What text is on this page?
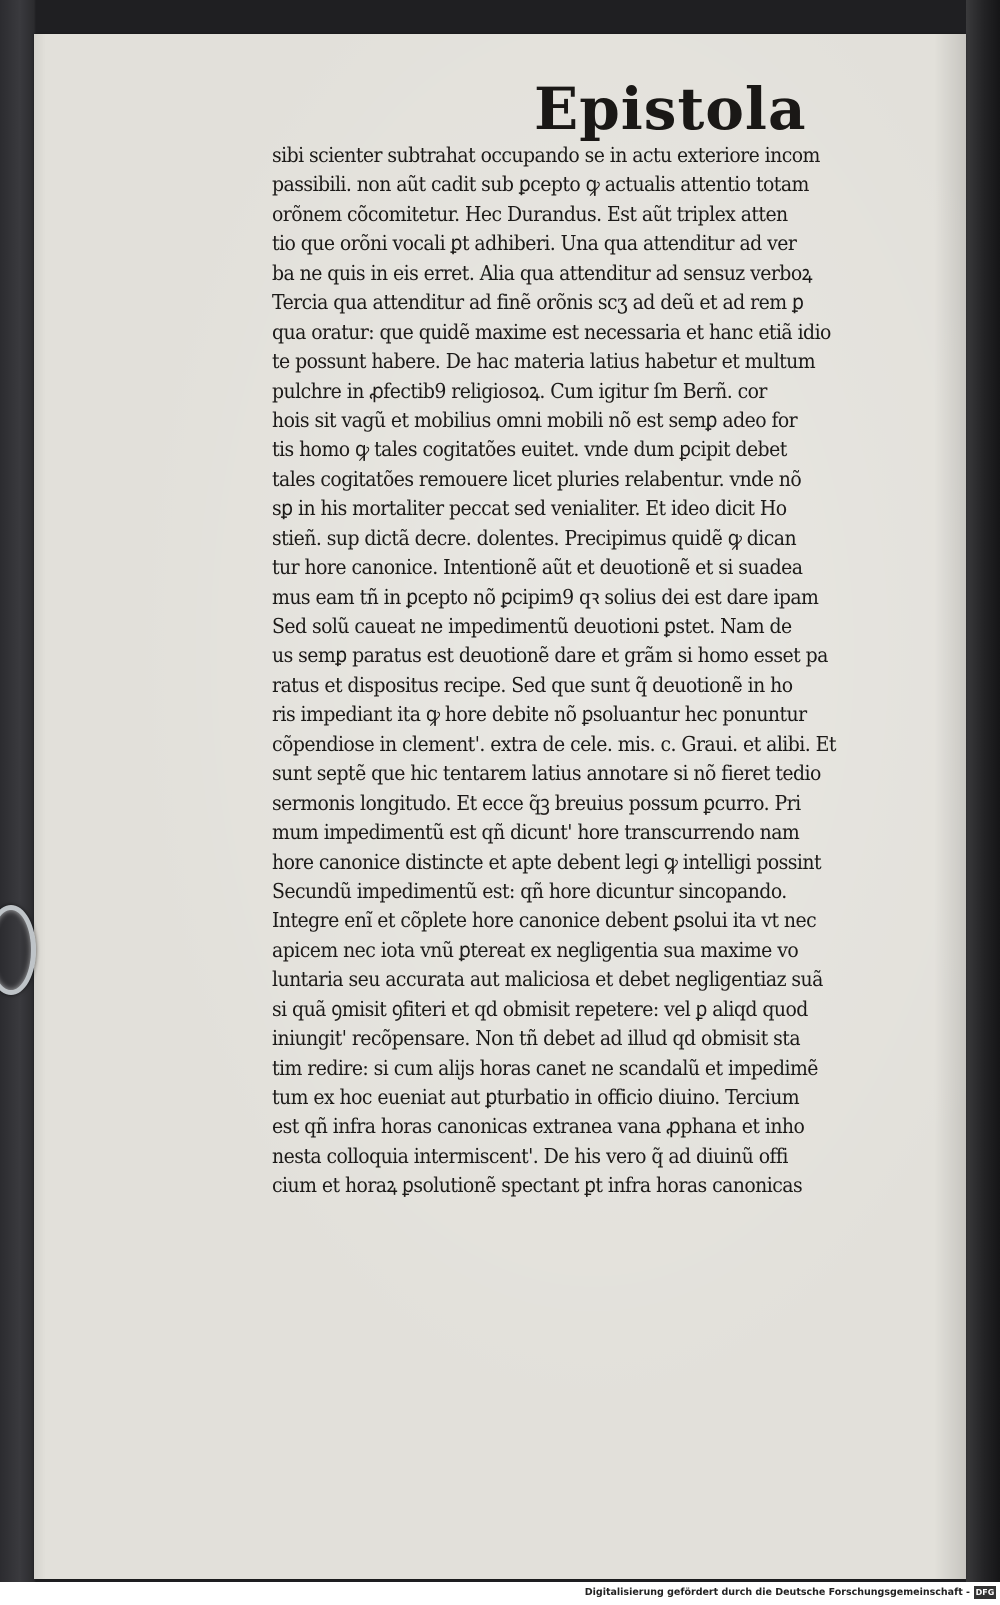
Epistola
sibi scienter subtrahat occupando se in actu exteriore incom
passibili. non aũt cadit sub ꝑcepto ꝙ actualis attentio totam
orõnem cõcomitetur. Hec Durandus. Est aũt triplex atten
tio que orõni vocali ꝑt adhiberi. Una qua attenditur ad ver
ba ne quis in eis erret. Alia qua attenditur ad sensuz verboꝝ
Tercia qua attenditur ad finẽ orõnis scʒ ad deũ et ad rem ꝑ
qua oratur: que quidẽ maxime est necessaria et hanc etiã idio
te possunt habere. De hac materia latius habetur et multum
pulchre in ꝓfectib9 religiosoꝝ. Cum igitur ſm Berñ. cor
hois sit vagũ et mobilius omni mobili nõ est semꝑ adeo for
tis homo ꝙ tales cogitatões euitet. vnde dum ꝑcipit debet
tales cogitatões remouere licet pluries relabentur. vnde nõ
sꝑ in his mortaliter peccat sed venialiter. Et ideo dicit Ho
stieñ. sup dictã decre. dolentes. Precipimus quidẽ ꝙ dican
tur hore canonice. Intentionẽ aũt et deuotionẽ et si suadea
mus eam tñ in ꝑcepto nõ ꝑcipim9 qꝛ solius dei est dare ipam
Sed solũ caueat ne impedimentũ deuotioni ꝑstet. Nam de
us semꝑ paratus est deuotionẽ dare et grãm si homo esset pa
ratus et dispositus recipe. Sed que sunt q̃ deuotionẽ in ho
ris impediant ita ꝙ hore debite nõ ꝑsoluantur hec ponuntur
cõpendiose in clement'. extra de cele. mis. c. Graui. et alibi. Et
sunt septẽ que hic tentarem latius annotare si nõ fieret tedio
sermonis longitudo. Et ecce q̃ꝫ breuius possum ꝑcurro. Pri
mum impedimentũ est qñ dicunt' hore transcurrendo nam
hore canonice distincte et apte debent legi ꝙ intelligi possint
Secundũ impedimentũ est: qñ hore dicuntur sincopando.
Integre enĩ et cõplete hore canonice debent ꝑsolui ita vt nec
apicem nec iota vnũ ꝑtereat ex negligentia sua maxime vo
luntaria seu accurata aut maliciosa et debet negligentiaz suã
si quã ꝯmisit ꝯfiteri et qd obmisit repetere: vel ꝑ aliqd quod
iniungit' recõpensare. Non tñ debet ad illud qd obmisit sta
tim redire: si cum alijs horas canet ne scandalũ et impedimẽ
tum ex hoc eueniat aut ꝑturbatio in officio diuino. Tercium
est qñ infra horas canonicas extranea vana ꝓphana et inho
nesta colloquia intermiscent'. De his vero q̃ ad diuinũ offi
cium et horaꝝ ꝑsolutionẽ spectant ꝑt infra horas canonicas
Digitalisierung gefördert durch die Deutsche Forschungsgemeinschaft - DFG
